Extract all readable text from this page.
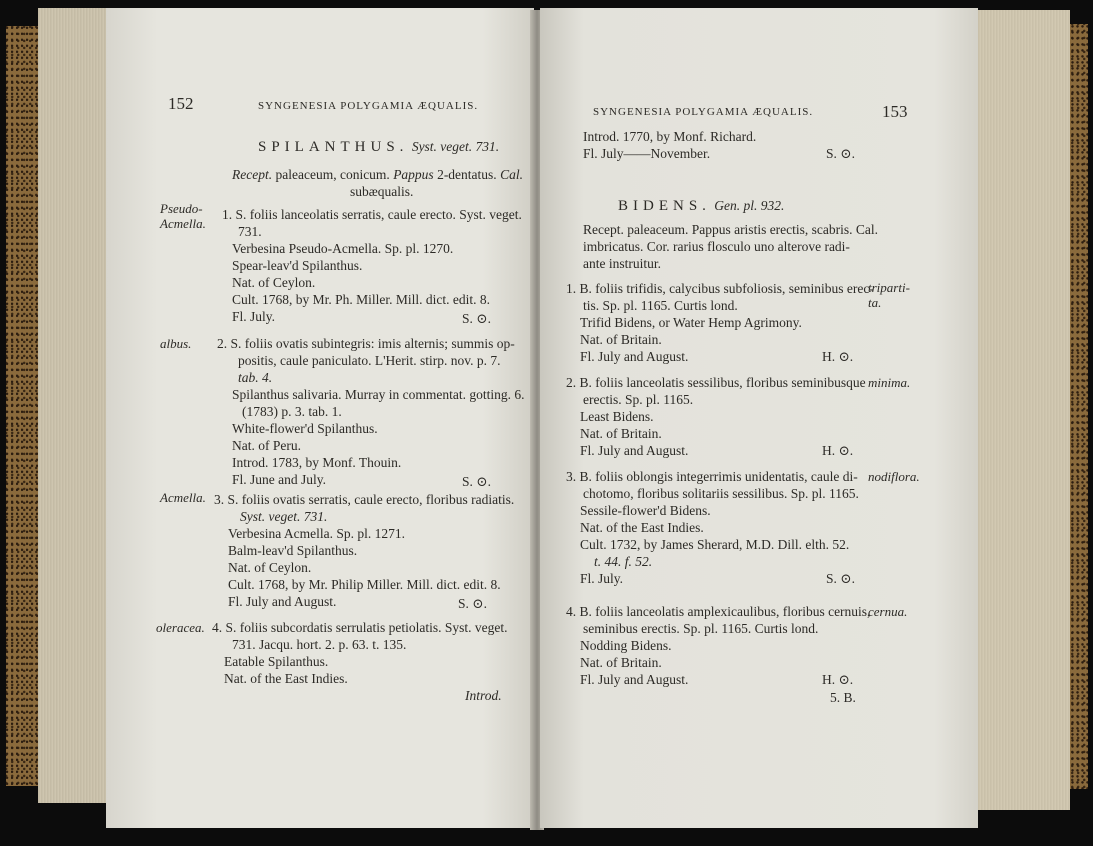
152	SYNGENESIA POLYGAMIA ÆQUALIS.
SPILANTHUS. Syst. veget. 731.
Recept. paleaceum, conicum. Pappus 2-dentatus. Cal.
subæqualis.
Pseudo-
Acmella.
1. S. foliis lanceolatis serratis, caule erecto. Syst. veget.
731.
Verbesina Pseudo-Acmella. Sp. pl. 1270.
Spear-leav'd Spilanthus.
Nat. of Ceylon.
Cult. 1768, by Mr. Ph. Miller. Mill. dict. edit. 8.
Fl. July.	S. ⊙.
albus. 2. S. foliis ovatis subintegris: imis alternis; summis op-
positis, caule paniculato. L'Herit. stirp. nov. p. 7.
tab. 4.
Spilanthus salivaria. Murray in commentat. gotting. 6.
(1783) p. 3. tab. 1.
White-flower'd Spilanthus.
Nat. of Peru.
Introd. 1783, by Monf. Thouin.
Fl. June and July.	S. ⊙.
Acmella. 3. S. foliis ovatis serratis, caule erecto, floribus radiatis.
Syst. veget. 731.
Verbesina Acmella. Sp. pl. 1271.
Balm-leav'd Spilanthus.
Nat. of Ceylon.
Cult. 1768, by Mr. Philip Miller. Mill. dict. edit. 8.
Fl. July and August.	S. ⊙.
oleracea. 4. S. foliis subcordatis serrulatis petiolatis. Syst. veget.
731. Jacqu. hort. 2. p. 63. t. 135.
Eatable Spilanthus.
Nat. of the East Indies.
Introd.
SYNGENESIA POLYGAMIA ÆQUALIS.	153
Introd. 1770, by Monf. Richard.
Fl. July——November.	S. ⊙.
BIDENS. Gen. pl. 932.
Recept. paleaceum. Pappus aristis erectis, scabris. Cal.
imbricatus. Cor. rarius flosculo uno alterove radi-
ante instruitur.
1. B. foliis trifidis, calycibus subfoliosis, seminibus erec-
triparti-
ta.
tis. Sp. pl. 1165. Curtis lond.
Trifid Bidens, or Water Hemp Agrimony.
Nat. of Britain.
Fl. July and August.	H. ⊙.
2. B. foliis lanceolatis sessilibus, floribus seminibusque minima.
erectis. Sp. pl. 1165.
Least Bidens.
Nat. of Britain.
Fl. July and August.	H. ⊙.
3. B. foliis oblongis integerrimis unidentatis, caule di- nodiflora.
chotomo, floribus solitariis sessilibus. Sp. pl. 1165.
Sessile-flower'd Bidens.
Nat. of the East Indies.
Cult. 1732, by James Sherard, M.D. Dill. elth. 52.
t. 44. f. 52.
Fl. July.	S. ⊙.
4. B. foliis lanceolatis amplexicaulibus, floribus cernuis,
cernua.
seminibus erectis. Sp. pl. 1165. Curtis lond.
Nodding Bidens.
Nat. of Britain.
Fl. July and August.	H. ⊙.
5. B.
